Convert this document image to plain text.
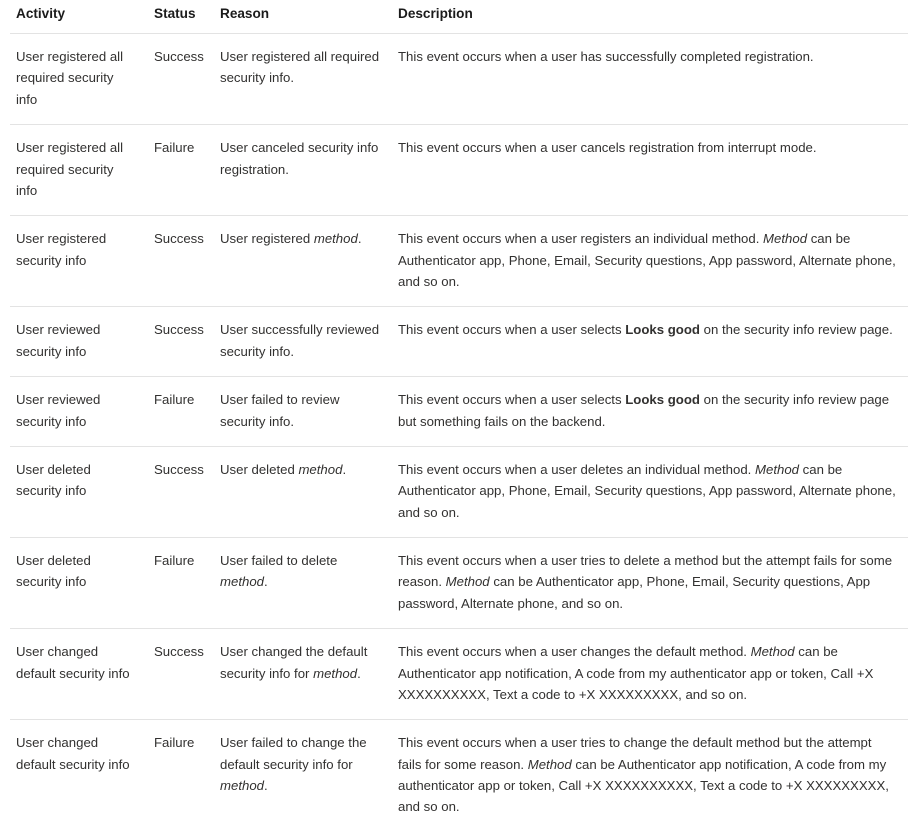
Activity	Status	Reason	Description
User registered all required security info	Success	User registered all required security info.	This event occurs when a user has successfully completed registration.
User registered all required security info	Failure	User canceled security info registration.	This event occurs when a user cancels registration from interrupt mode.
User registered security info	Success	User registered method.	This event occurs when a user registers an individual method. Method can be Authenticator app, Phone, Email, Security questions, App password, Alternate phone, and so on.
User reviewed security info	Success	User successfully reviewed security info.	This event occurs when a user selects Looks good on the security info review page.
User reviewed security info	Failure	User failed to review security info.	This event occurs when a user selects Looks good on the security info review page but something fails on the backend.
User deleted security info	Success	User deleted method.	This event occurs when a user deletes an individual method. Method can be Authenticator app, Phone, Email, Security questions, App password, Alternate phone, and so on.
User deleted security info	Failure	User failed to delete method.	This event occurs when a user tries to delete a method but the attempt fails for some reason. Method can be Authenticator app, Phone, Email, Security questions, App password, Alternate phone, and so on.
User changed default security info	Success	User changed the default security info for method.	This event occurs when a user changes the default method. Method can be Authenticator app notification, A code from my authenticator app or token, Call +X XXXXXXXXXX, Text a code to +X XXXXXXXXX, and so on.
User changed default security info	Failure	User failed to change the default security info for method.	This event occurs when a user tries to change the default method but the attempt fails for some reason. Method can be Authenticator app notification, A code from my authenticator app or token, Call +X XXXXXXXXXX, Text a code to +X XXXXXXXXX, and so on.
